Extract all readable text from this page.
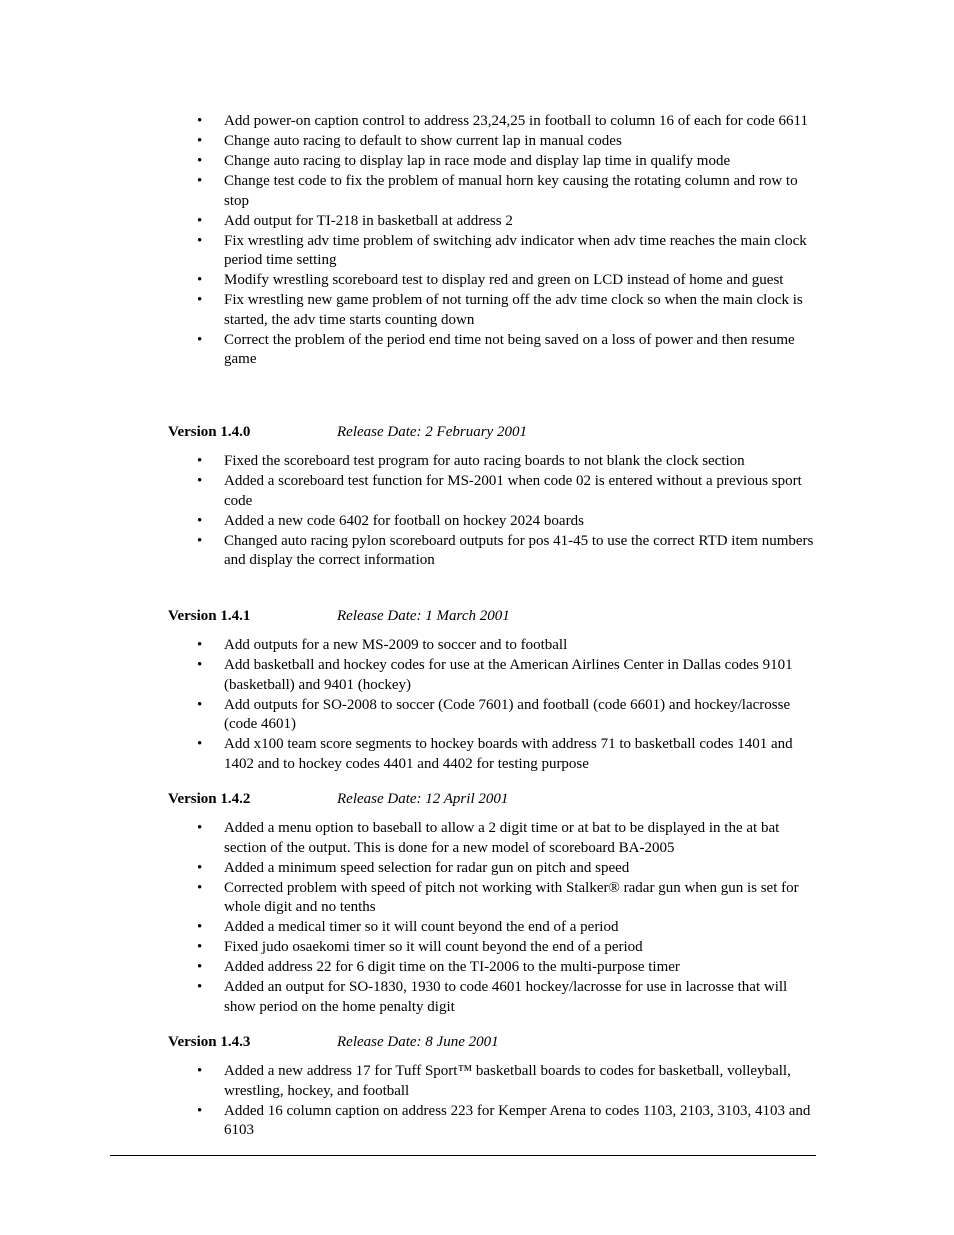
• Add power-on caption control to address 23,24,25 in football to column 16 of each for code 6611
• Change auto racing to default to show current lap in manual codes
• Change auto racing to display lap in race mode and display lap time in qualify mode
• Change test code to fix the problem of manual horn key causing the rotating column and row to stop
• Add output for TI-218 in basketball at address 2
• Fix wrestling adv time problem of switching adv indicator when adv time reaches the main clock period time setting
• Modify wrestling scoreboard test to display red and green on LCD instead of home and guest
• Fix wrestling new game problem of not turning off the adv time clock so when the main clock is started, the adv time starts counting down
• Correct the problem of the period end time not being saved on a loss of power and then resume game
Version 1.4.0	Release Date: 2 February 2001
• Fixed the scoreboard test program for auto racing boards to not blank the clock section
• Added a scoreboard test function for MS-2001 when code 02 is entered without a previous sport code
• Added a new code 6402 for football on hockey 2024 boards
• Changed auto racing pylon scoreboard outputs for pos 41-45 to use the correct RTD item numbers and display the correct information
Version 1.4.1	Release Date: 1 March 2001
• Add outputs for a new MS-2009 to soccer and to football
• Add basketball and hockey codes for use at the American Airlines Center in Dallas codes 9101 (basketball) and 9401 (hockey)
• Add outputs for SO-2008 to soccer (Code 7601) and football (code 6601) and hockey/lacrosse (code 4601)
• Add x100 team score segments to hockey boards with address 71 to basketball codes 1401 and 1402 and to hockey codes 4401 and 4402 for testing purpose
Version 1.4.2	Release Date: 12 April 2001
• Added a menu option to baseball to allow a 2 digit time or at bat to be displayed in the at bat section of the output. This is done for a new model of scoreboard BA-2005
• Added a minimum speed selection for radar gun on pitch and speed
• Corrected problem with speed of pitch not working with Stalker® radar gun when gun is set for whole digit and no tenths
• Added a medical timer so it will count beyond the end of a period
• Fixed judo osaekomi timer so it will count beyond the end of a period
• Added address 22 for 6 digit time on the TI-2006 to the multi-purpose timer
• Added an output for SO-1830, 1930 to code 4601 hockey/lacrosse for use in lacrosse that will show period on the home penalty digit
Version 1.4.3	Release Date: 8 June 2001
• Added a new address 17 for Tuff Sport™ basketball boards to codes for basketball, volleyball, wrestling, hockey, and football
• Added 16 column caption on address 223 for Kemper Arena to codes 1103, 2103, 3103, 4103 and 6103
